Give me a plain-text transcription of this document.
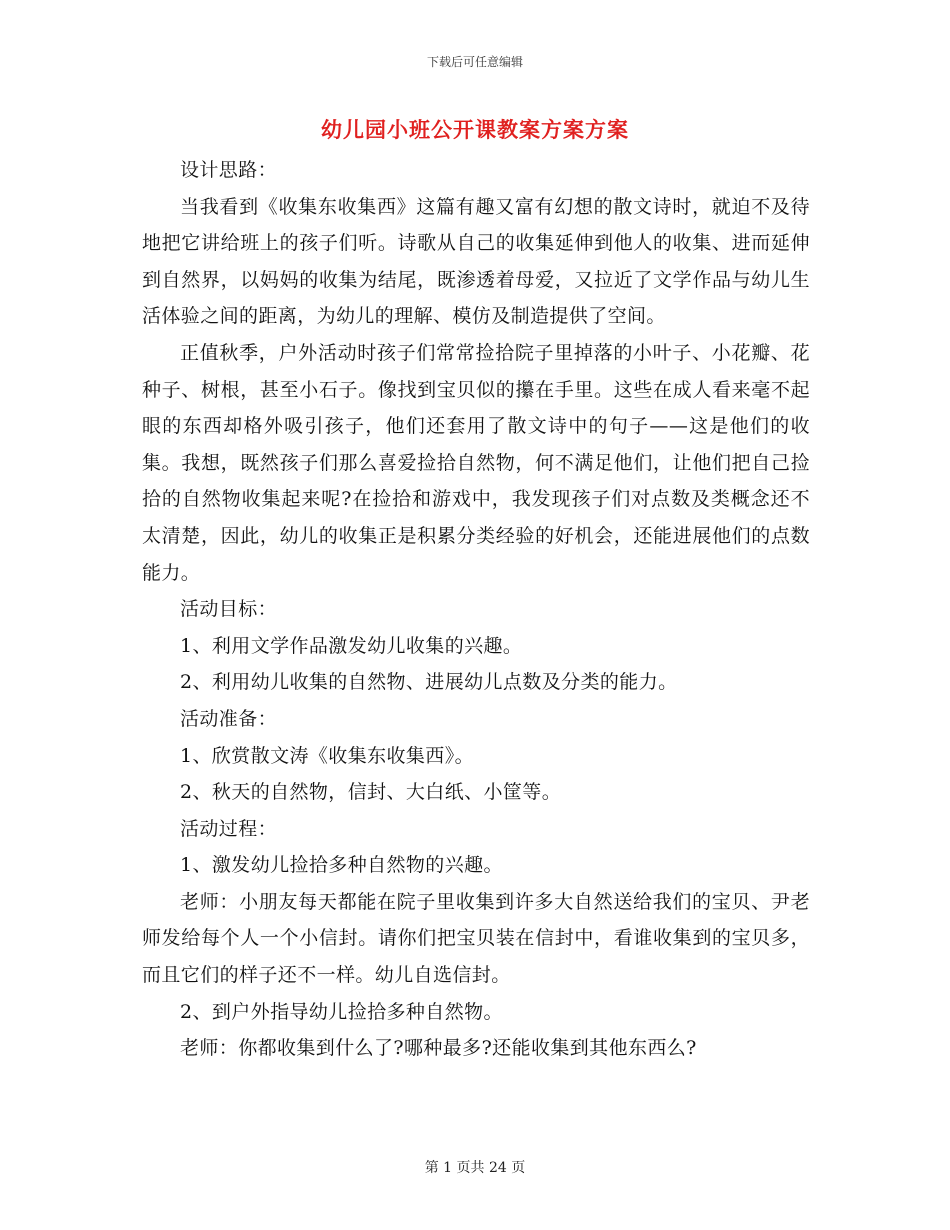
下载后可任意编辑
幼儿园小班公开课教案方案方案

设计思路：

当我看到《收集东收集西》这篇有趣又富有幻想的散文诗时，就迫不及待地把它讲给班上的孩子们听。诗歌从自己的收集延伸到他人的收集、进而延伸到自然界，以妈妈的收集为结尾，既渗透着母爱，又拉近了文学作品与幼儿生活体验之间的距离，为幼儿的理解、模仿及制造提供了空间。

正值秋季，户外活动时孩子们常常捡拾院子里掉落的小叶子、小花瓣、花种子、树根，甚至小石子。像找到宝贝似的攥在手里。这些在成人看来毫不起眼的东西却格外吸引孩子，他们还套用了散文诗中的句子——这是他们的收集。我想，既然孩子们那么喜爱捡拾自然物，何不满足他们，让他们把自己捡拾的自然物收集起来呢?在捡拾和游戏中，我发现孩子们对点数及类概念还不太清楚，因此，幼儿的收集正是积累分类经验的好机会，还能进展他们的点数能力。

活动目标：

1、利用文学作品激发幼儿收集的兴趣。

2、利用幼儿收集的自然物、进展幼儿点数及分类的能力。

活动准备：

1、欣赏散文涛《收集东收集西》。

2、秋天的自然物，信封、大白纸、小筐等。

活动过程：

1、激发幼儿捡拾多种自然物的兴趣。

老师：小朋友每天都能在院子里收集到许多大自然送给我们的宝贝、尹老师发给每个人一个小信封。请你们把宝贝装在信封中，看谁收集到的宝贝多，而且它们的样子还不一样。幼儿自选信封。

2、到户外指导幼儿捡拾多种自然物。

老师：你都收集到什么了?哪种最多?还能收集到其他东西么?

第 1 页共 24 页
